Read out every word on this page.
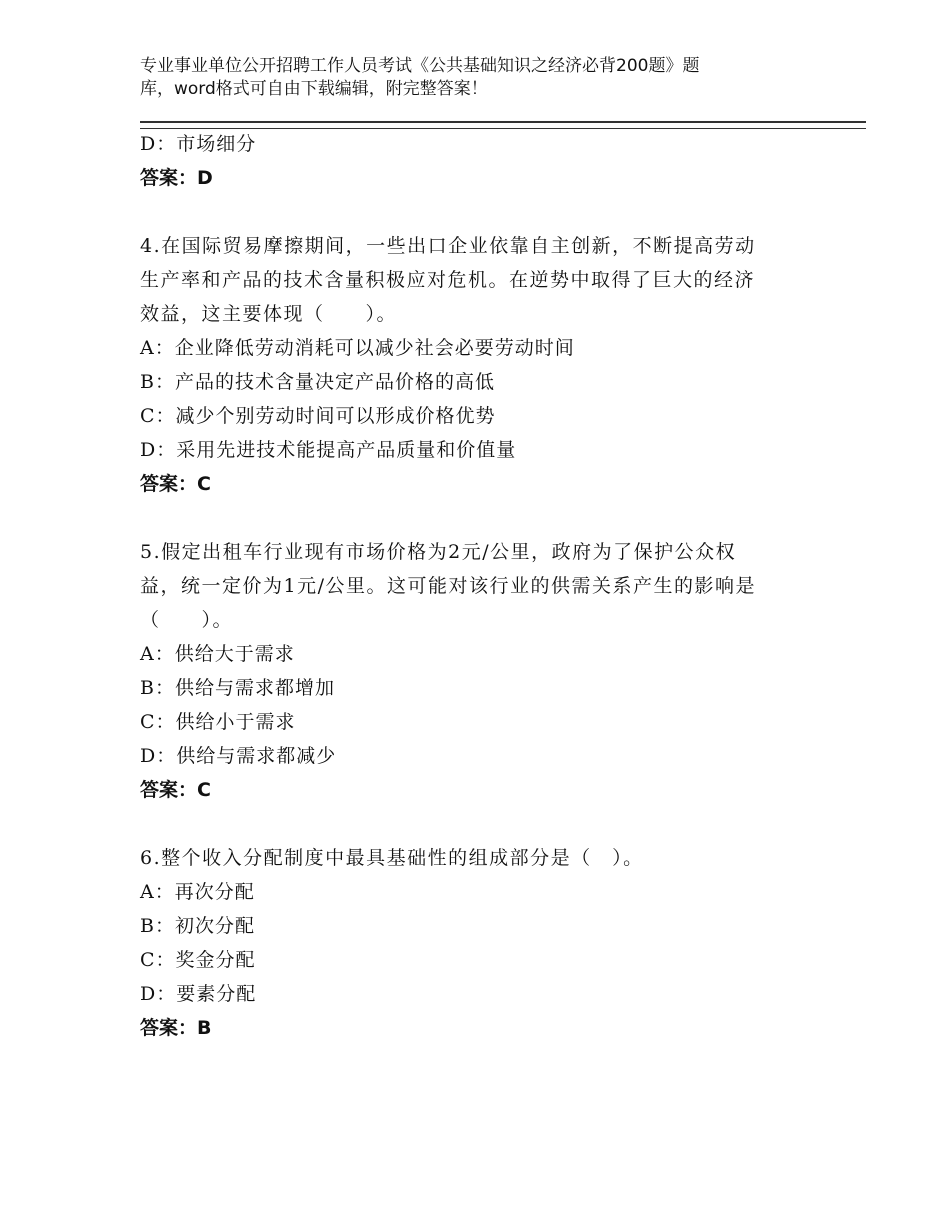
专业事业单位公开招聘工作人员考试《公共基础知识之经济必背200题》题
库，word格式可自由下载编辑，附完整答案！
D：市场细分
答案：D
4.在国际贸易摩擦期间，一些出口企业依靠自主创新，不断提高劳动
生产率和产品的技术含量积极应对危机。在逆势中取得了巨大的经济
效益，这主要体现（　　）。
A：企业降低劳动消耗可以减少社会必要劳动时间
B：产品的技术含量决定产品价格的高低
C：减少个别劳动时间可以形成价格优势
D：采用先进技术能提高产品质量和价值量
答案：C
5.假定出租车行业现有市场价格为2元/公里，政府为了保护公众权
益，统一定价为1元/公里。这可能对该行业的供需关系产生的影响是
（　　）。
A：供给大于需求
B：供给与需求都增加
C：供给小于需求
D：供给与需求都减少
答案：C
6.整个收入分配制度中最具基础性的组成部分是（　）。
A：再次分配
B：初次分配
C：奖金分配
D：要素分配
答案：B
